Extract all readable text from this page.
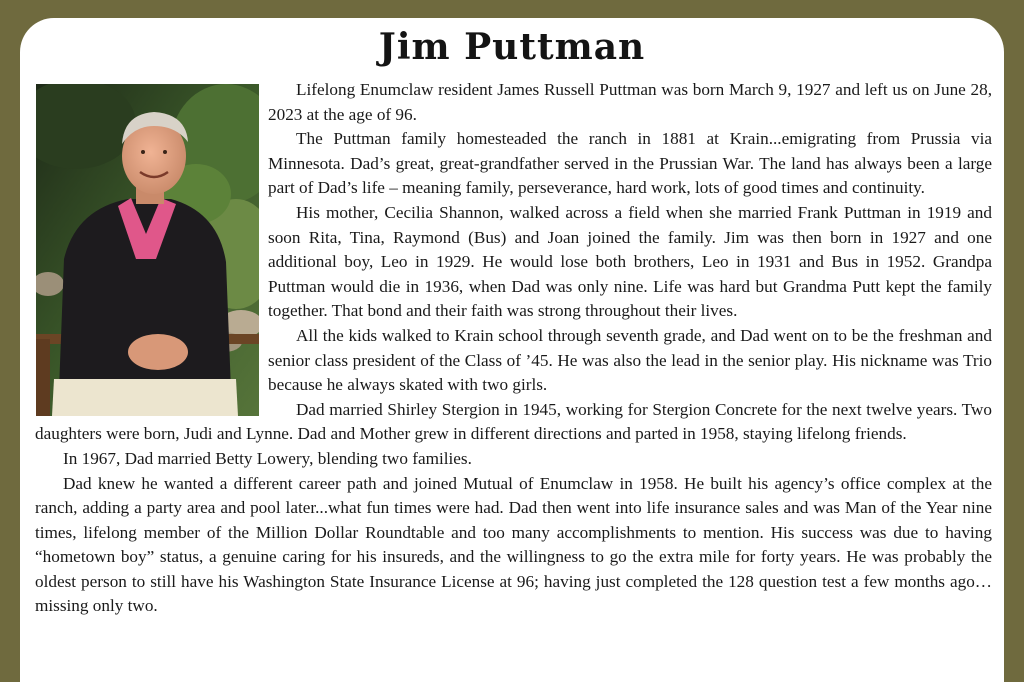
Jim Puttman

Lifelong Enumclaw resident James Russell Puttman was born March 9, 1927 and left us on June 28, 2023 at the age of 96.

The Puttman family homesteaded the ranch in 1881 at Krain...emigrating from Prussia via Minnesota. Dad’s great, great-grandfather served in the Prussian War. The land has always been a large part of Dad’s life – meaning family, perseverance, hard work, lots of good times and continuity.

His mother, Cecilia Shannon, walked across a field when she married Frank Puttman in 1919 and soon Rita, Tina, Raymond (Bus) and Joan joined the family. Jim was then born in 1927 and one additional boy, Leo in 1929. He would lose both brothers, Leo in 1931 and Bus in 1952. Grandpa Puttman would die in 1936, when Dad was only nine. Life was hard but Grandma Putt kept the family together. That bond and their faith was strong throughout their lives.

All the kids walked to Krain school through seventh grade, and Dad went on to be the freshman and senior class president of the Class of ’45. He was also the lead in the senior play. His nickname was Trio because he always skated with two girls.

Dad married Shirley Stergion in 1945, working for Stergion Concrete for the next twelve years. Two daughters were born, Judi and Lynne. Dad and Mother grew in different directions and parted in 1958, staying lifelong friends.

In 1967, Dad married Betty Lowery, blending two families.

Dad knew he wanted a different career path and joined Mutual of Enumclaw in 1958. He built his agency’s office complex at the ranch, adding a party area and pool later...what fun times were had. Dad then went into life insurance sales and was Man of the Year nine times, lifelong member of the Million Dollar Roundtable and too many accomplishments to mention. His success was due to having “hometown boy” status, a genuine caring for his insureds, and the willingness to go the extra mile for forty years. He was probably the oldest person to still have his Washington State Insurance License at 96; having just completed the 128 question test a few months ago…missing only two.
